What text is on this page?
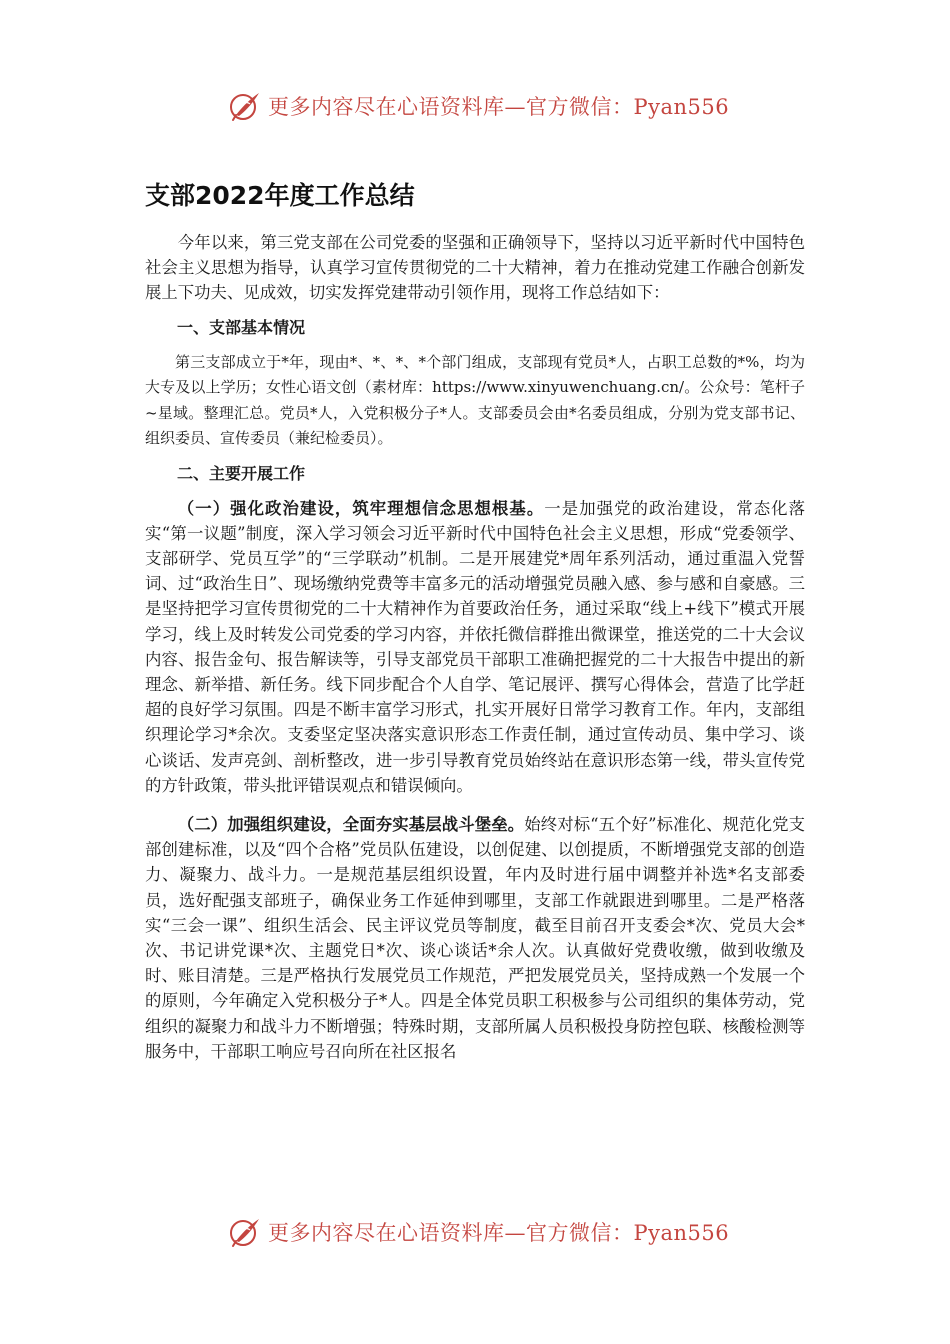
更多内容尽在心语资料库—官方微信：Pyan556
支部2022年度工作总结

今年以来，第三党支部在公司党委的坚强和正确领导下，坚持以习近平新时代中国特色社会主义思想为指导，认真学习宣传贯彻党的二十大精神，着力在推动党建工作融合创新发展上下功夫、见成效，切实发挥党建带动引领作用，现将工作总结如下：

一、支部基本情况

第三支部成立于*年，现由*、*、*、*个部门组成，支部现有党员*人，占职工总数的*%，均为大专及以上学历；女性心语文创（素材库：https://www.xinyuwenchuang.cn/。公众号：笔杆子~星域。整理汇总。党员*人，入党积极分子*人。支部委员会由*名委员组成，分别为党支部书记、组织委员、宣传委员（兼纪检委员）。

二、主要开展工作

（一）强化政治建设，筑牢理想信念思想根基。一是加强党的政治建设，常态化落实“第一议题”制度，深入学习领会习近平新时代中国特色社会主义思想，形成“党委领学、支部研学、党员互学”的“三学联动”机制。二是开展建党*周年系列活动，通过重温入党誓词、过“政治生日”、现场缴纳党费等丰富多元的活动增强党员融入感、参与感和自豪感。三是坚持把学习宣传贯彻党的二十大精神作为首要政治任务，通过采取“线上+线下”模式开展学习，线上及时转发公司党委的学习内容，并依托微信群推出微课堂，推送党的二十大会议内容、报告金句、报告解读等，引导支部党员干部职工准确把握党的二十大报告中提出的新理念、新举措、新任务。线下同步配合个人自学、笔记展评、撰写心得体会，营造了比学赶超的良好学习氛围。四是不断丰富学习形式，扎实开展好日常学习教育工作。年内，支部组织理论学习*余次。支委坚定坚决落实意识形态工作责任制，通过宣传动员、集中学习、谈心谈话、发声亮剑、剖析整改，进一步引导教育党员始终站在意识形态第一线，带头宣传党的方针政策，带头批评错误观点和错误倾向。

（二）加强组织建设，全面夯实基层战斗堡垒。始终对标“五个好”标准化、规范化党支部创建标准，以及“四个合格”党员队伍建设，以创促建、以创提质，不断增强党支部的创造力、凝聚力、战斗力。一是规范基层组织设置，年内及时进行届中调整并补选*名支部委员，选好配强支部班子，确保业务工作延伸到哪里，支部工作就跟进到哪里。二是严格落实“三会一课”、组织生活会、民主评议党员等制度，截至目前召开支委会*次、党员大会*次、书记讲党课*次、主题党日*次、谈心谈话*余人次。认真做好党费收缴，做到收缴及时、账目清楚。三是严格执行发展党员工作规范，严把发展党员关，坚持成熟一个发展一个的原则，今年确定入党积极分子*人。四是全体党员职工积极参与公司组织的集体劳动，党组织的凝聚力和战斗力不断增强；特殊时期，支部所属人员积极投身防控包联、核酸检测等服务中，干部职工响应号召向所在社区报名

更多内容尽在心语资料库—官方微信：Pyan556
